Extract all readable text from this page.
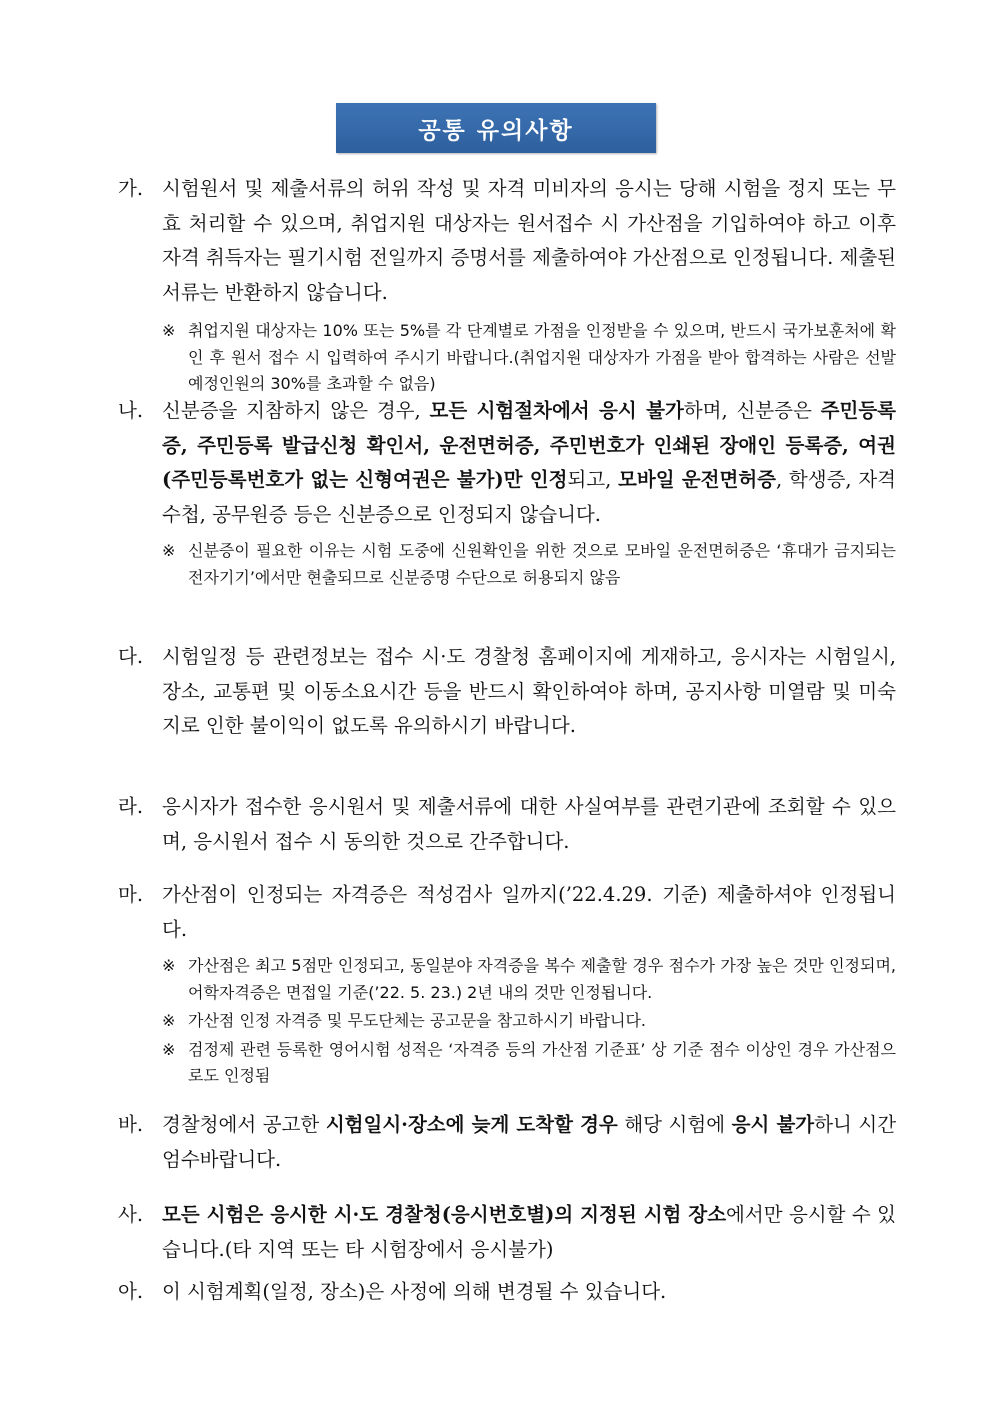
공통 유의사항
가. 시험원서 및 제출서류의 허위 작성 및 자격 미비자의 응시는 당해 시험을 정지 또는 무효 처리할 수 있으며, 취업지원 대상자는 원서접수 시 가산점을 기입하여야 하고 이후 자격 취득자는 필기시험 전일까지 증명서를 제출하여야 가산점으로 인정됩니다. 제출된 서류는 반환하지 않습니다.
※ 취업지원 대상자는 10% 또는 5%를 각 단계별로 가점을 인정받을 수 있으며, 반드시 국가보훈처에 확인 후 원서 접수 시 입력하여 주시기 바랍니다.(취업지원 대상자가 가점을 받아 합격하는 사람은 선발예정인원의 30%를 초과할 수 없음)
나. 신분증을 지참하지 않은 경우, 모든 시험절차에서 응시 불가하며, 신분증은 주민등록증, 주민등록 발급신청 확인서, 운전면허증, 주민번호가 인쇄된 장애인 등록증, 여권(주민등록번호가 없는 신형여권은 불가)만 인정되고, 모바일 운전면허증, 학생증, 자격수첩, 공무원증 등은 신분증으로 인정되지 않습니다.
※ 신분증이 필요한 이유는 시험 도중에 신원확인을 위한 것으로 모바일 운전면허증은 ‘휴대가 금지되는 전자기기’에서만 현출되므로 신분증명 수단으로 허용되지 않음
다. 시험일정 등 관련정보는 접수 시·도 경찰청 홈페이지에 게재하고, 응시자는 시험일시, 장소, 교통편 및 이동소요시간 등을 반드시 확인하여야 하며, 공지사항 미열람 및 미숙지로 인한 불이익이 없도록 유의하시기 바랍니다.
라. 응시자가 접수한 응시원서 및 제출서류에 대한 사실여부를 관련기관에 조회할 수 있으며, 응시원서 접수 시 동의한 것으로 간주합니다.
마. 가산점이 인정되는 자격증은 적성검사 일까지(’22.4.29. 기준) 제출하셔야 인정됩니다.
※ 가산점은 최고 5점만 인정되고, 동일분야 자격증을 복수 제출할 경우 점수가 가장 높은 것만 인정되며, 어학자격증은 면접일 기준(’22. 5. 23.) 2년 내의 것만 인정됩니다.
※ 가산점 인정 자격증 및 무도단체는 공고문을 참고하시기 바랍니다.
※ 검정제 관련 등록한 영어시험 성적은 ‘자격증 등의 가산점 기준표’ 상 기준 점수 이상인 경우 가산점으로도 인정됨
바. 경찰청에서 공고한 시험일시·장소에 늦게 도착할 경우 해당 시험에 응시 불가하니 시간 엄수바랍니다.
사. 모든 시험은 응시한 시·도 경찰청(응시번호별)의 지정된 시험 장소에서만 응시할 수 있습니다.(타 지역 또는 타 시험장에서 응시불가)
아. 이 시험계획(일정, 장소)은 사정에 의해 변경될 수 있습니다.
